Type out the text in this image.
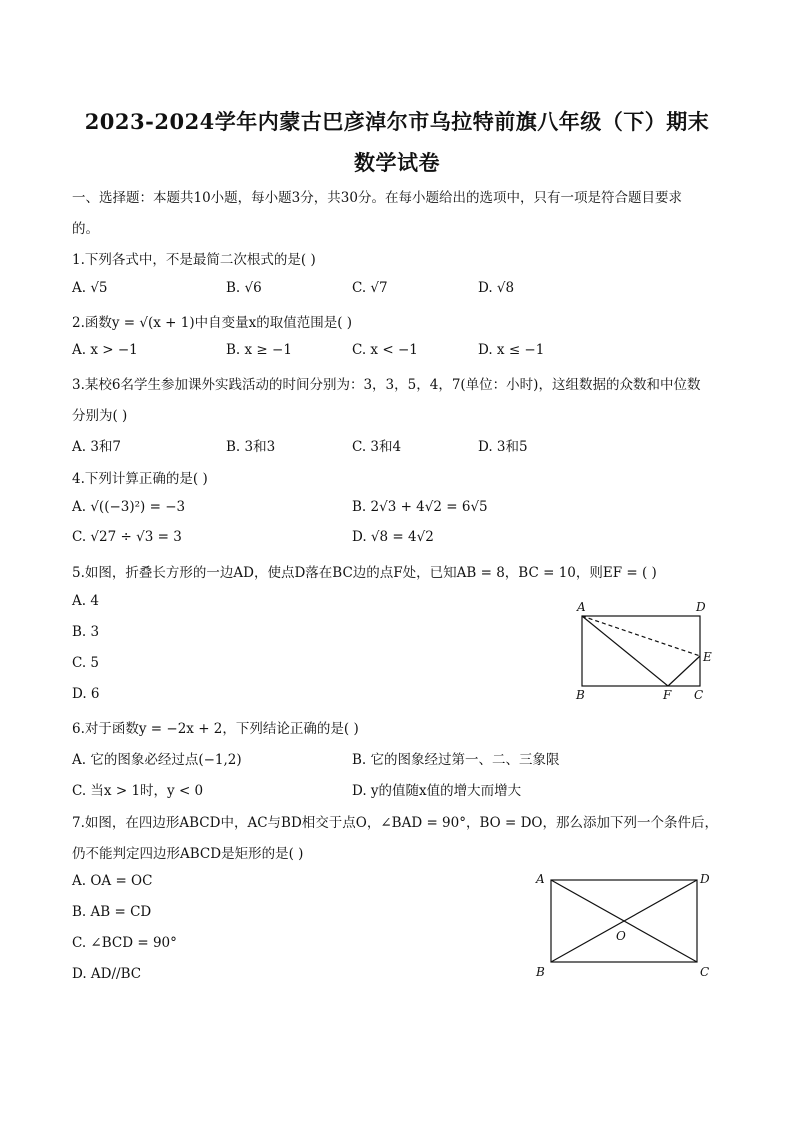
2023-2024学年内蒙古巴彦淖尔市乌拉特前旗八年级（下）期末
数学试卷
一、选择题：本题共10小题，每小题3分，共30分。在每小题给出的选项中，只有一项是符合题目要求
的。
1.下列各式中，不是最简二次根式的是( )
A. √5	B. √6	C. √7	D. √8
2.函数y = √(x + 1)中自变量x的取值范围是( )
A. x > −1	B. x ≥ −1	C. x < −1	D. x ≤ −1
3.某校6名学生参加课外实践活动的时间分别为：3，3，5，4，7(单位：小时)，这组数据的众数和中位数
分别为( )
A. 3和7	B. 3和3	C. 3和4	D. 3和5
4.下列计算正确的是( )
A. √((−3)²) = −3	B. 2√3 + 4√2 = 6√5
C. √27 ÷ √3 = 3	D. √8 = 4√2
5.如图，折叠长方形的一边AD，使点D落在BC边的点F处，已知AB = 8，BC = 10，则EF = ( )
A. 4
B. 3
C. 5
D. 6
A	D
E
B	F C
6.对于函数y = −2x + 2，下列结论正确的是( )
A. 它的图象必经过点(−1,2)	B. 它的图象经过第一、二、三象限
C. 当x > 1时，y < 0	D. y的值随x值的增大而增大
7.如图，在四边形ABCD中，AC与BD相交于点O，∠BAD = 90°，BO = DO，那么添加下列一个条件后，
仍不能判定四边形ABCD是矩形的是( )
A. OA = OC
B. AB = CD
C. ∠BCD = 90°
D. AD//BC
A	D
O
B	C
